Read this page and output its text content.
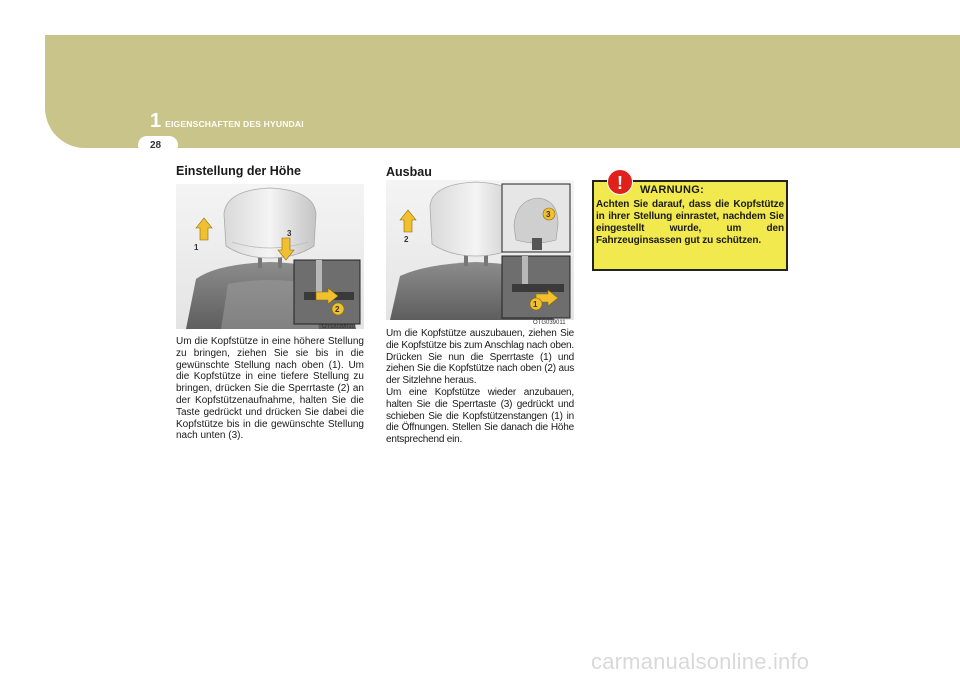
1 EIGENSCHAFTEN DES HYUNDAI
28
Einstellung der Höhe
1
3
2
OTG039010
Um die Kopfstütze in eine höhere Stellung zu bringen, ziehen Sie sie bis in die gewünschte Stellung nach oben (1). Um die Kopfstütze in eine tiefere Stellung zu bringen, drücken Sie die Sperrtaste (2) an der Kopfstützenaufnahme, halten Sie die Taste gedrückt und drücken Sie dabei die Kopfstütze bis in die gewünschte Stellung nach unten (3).
Ausbau
3
2
1
OTG039011

Um die Kopfstütze auszubauen, ziehen Sie die Kopfstütze bis zum Anschlag nach oben. Drücken Sie nun die Sperrtaste (1) und ziehen Sie die Kopfstütze nach oben (2) aus der Sitzlehne heraus.

Um eine Kopfstütze wieder anzubauen, halten Sie die Sperrtaste (3) gedrückt und schieben Sie die Kopfstützenstangen (1) in die Öffnungen. Stellen Sie danach die Höhe entsprechend ein.

!	WARNUNG:
Achten Sie darauf, dass die Kopfstütze in ihrer Stellung einrastet, nachdem Sie eingestellt wurde, um den Fahrzeuginsassen gut zu schützen.
carmanualsonline.info
